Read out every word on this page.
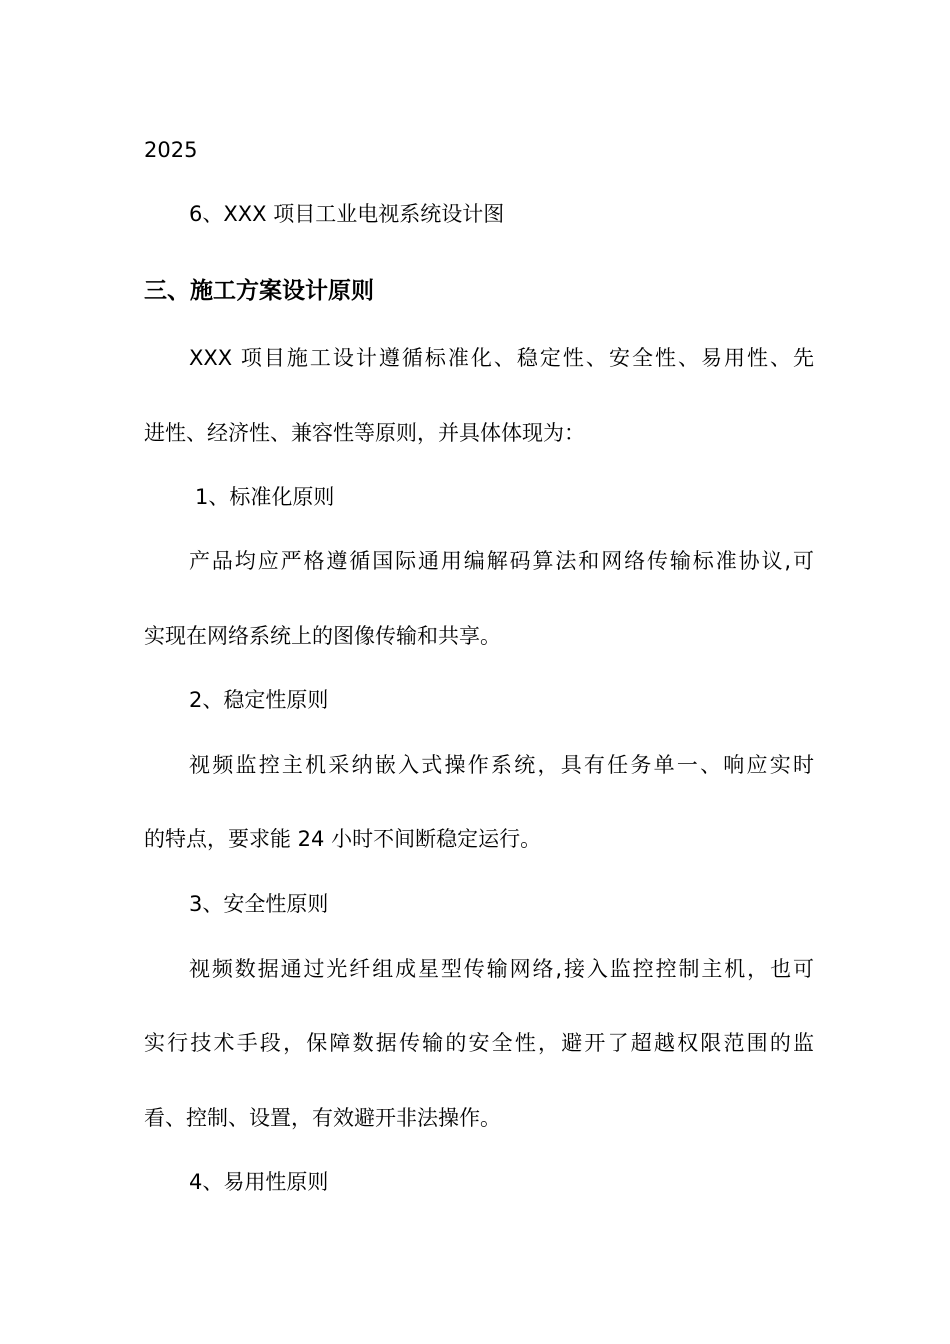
2025
6、XXX 项目工业电视系统设计图
三、施工方案设计原则
XXX 项目施工设计遵循标准化、稳定性、安全性、易用性、先
进性、经济性、兼容性等原则，并具体体现为：
1、标准化原则
产品均应严格遵循国际通用编解码算法和网络传输标准协议,可
实现在网络系统上的图像传输和共享。
2、稳定性原则
视频监控主机采纳嵌入式操作系统，具有任务单一、响应实时
的特点，要求能 24 小时不间断稳定运行。
3、安全性原则
视频数据通过光纤组成星型传输网络,接入监控控制主机，也可
实行技术手段，保障数据传输的安全性，避开了超越权限范围的监
看、控制、设置，有效避开非法操作。
4、易用性原则
